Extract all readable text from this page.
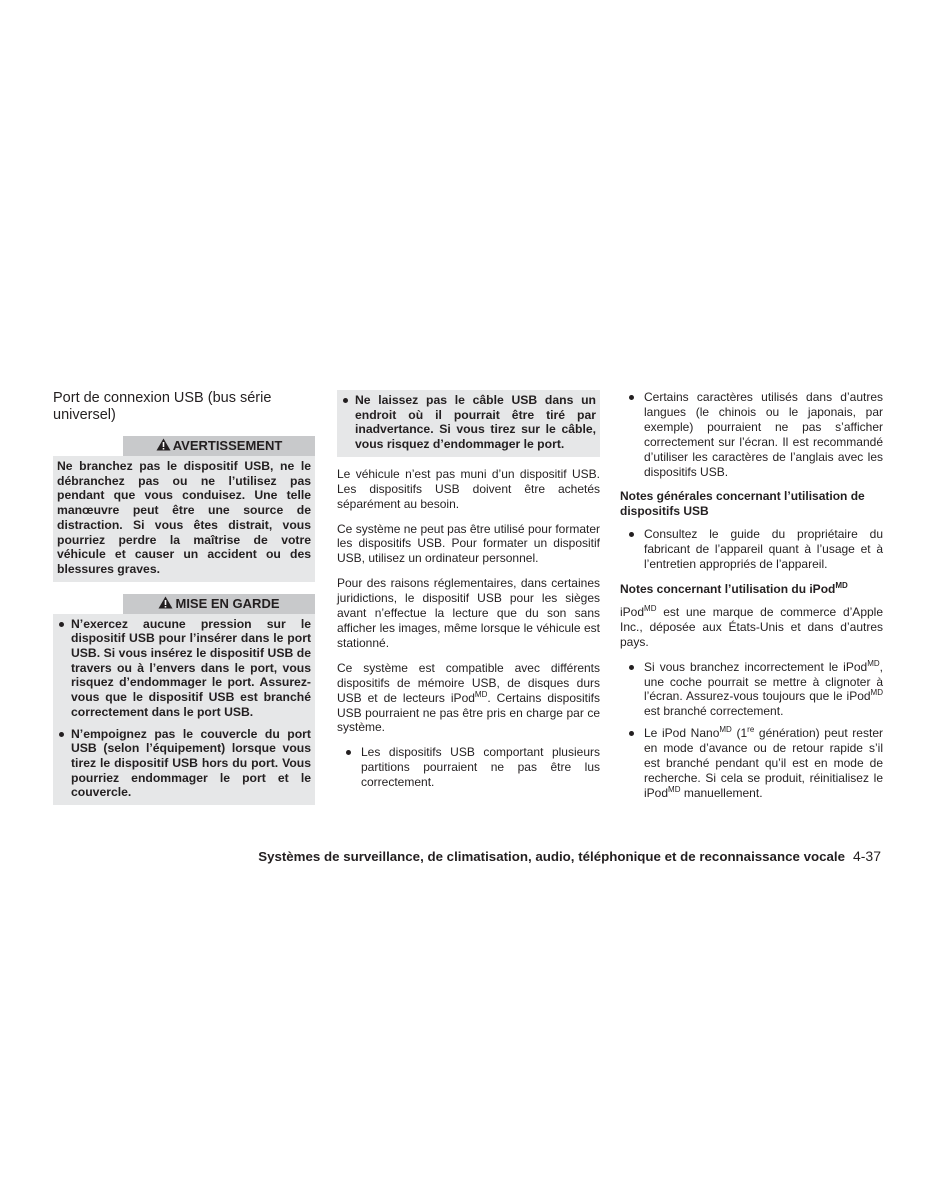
Port de connexion USB (bus série universel)
AVERTISSEMENT

Ne branchez pas le dispositif USB, ne le débranchez pas ou ne l’utilisez pas pendant que vous conduisez. Une telle manœuvre peut être une source de distraction. Si vous êtes distrait, vous pourriez perdre la maîtrise de votre véhicule et causer un accident ou des blessures graves.

MISE EN GARDE
N’exercez aucune pression sur le dispositif USB pour l’insérer dans le port USB. Si vous insérez le dispositif USB de travers ou à l’envers dans le port, vous risquez d’endommager le port. Assurez-vous que le dispositif USB est branché correctement dans le port USB.
N’empoignez pas le couvercle du port USB (selon l’équipement) lorsque vous tirez le dispositif USB hors du port. Vous pourriez endommager le port et le couvercle.
Ne laissez pas le câble USB dans un endroit où il pourrait être tiré par inadvertance. Si vous tirez sur le câble, vous risquez d’endommager le port.

Le véhicule n’est pas muni d’un dispositif USB. Les dispositifs USB doivent être achetés séparément au besoin.

Ce système ne peut pas être utilisé pour formater les dispositifs USB. Pour formater un dispositif USB, utilisez un ordinateur personnel.

Pour des raisons réglementaires, dans certaines juridictions, le dispositif USB pour les sièges avant n’effectue la lecture que du son sans afficher les images, même lorsque le véhicule est stationné.

Ce système est compatible avec différents dispositifs de mémoire USB, de disques durs USB et de lecteurs iPod$^{MD}$. Certains dispositifs USB pourraient ne pas être pris en charge par ce système.

Les dispositifs USB comportant plusieurs partitions pourraient ne pas être lus correctement.
Certains caractères utilisés dans d’autres langues (le chinois ou le japonais, par exemple) pourraient ne pas s’afficher correctement sur l’écran. Il est recommandé d’utiliser les caractères de l’anglais avec les dispositifs USB.
Notes générales concernant l’utilisation de dispositifs USB
Consultez le guide du propriétaire du fabricant de l’appareil quant à l’usage et à l’entretien appropriés de l’appareil.
Notes concernant l’utilisation du iPod$^{MD}$

iPod$^{MD}$ est une marque de commerce d’Apple Inc., déposée aux États-Unis et dans d’autres pays.

Si vous branchez incorrectement le iPod$^{MD}$, une coche pourrait se mettre à clignoter à l’écran. Assurez-vous toujours que le iPod$^{MD}$ est branché correctement.
Le iPod Nano$^{MD}$ (1re génération) peut rester en mode d’avance ou de retour rapide s’il est branché pendant qu’il est en mode de recherche. Si cela se produit, réinitialisez le iPod$^{MD}$ manuellement.
Systèmes de surveillance, de climatisation, audio, téléphonique et de reconnaissance vocale 4-37
